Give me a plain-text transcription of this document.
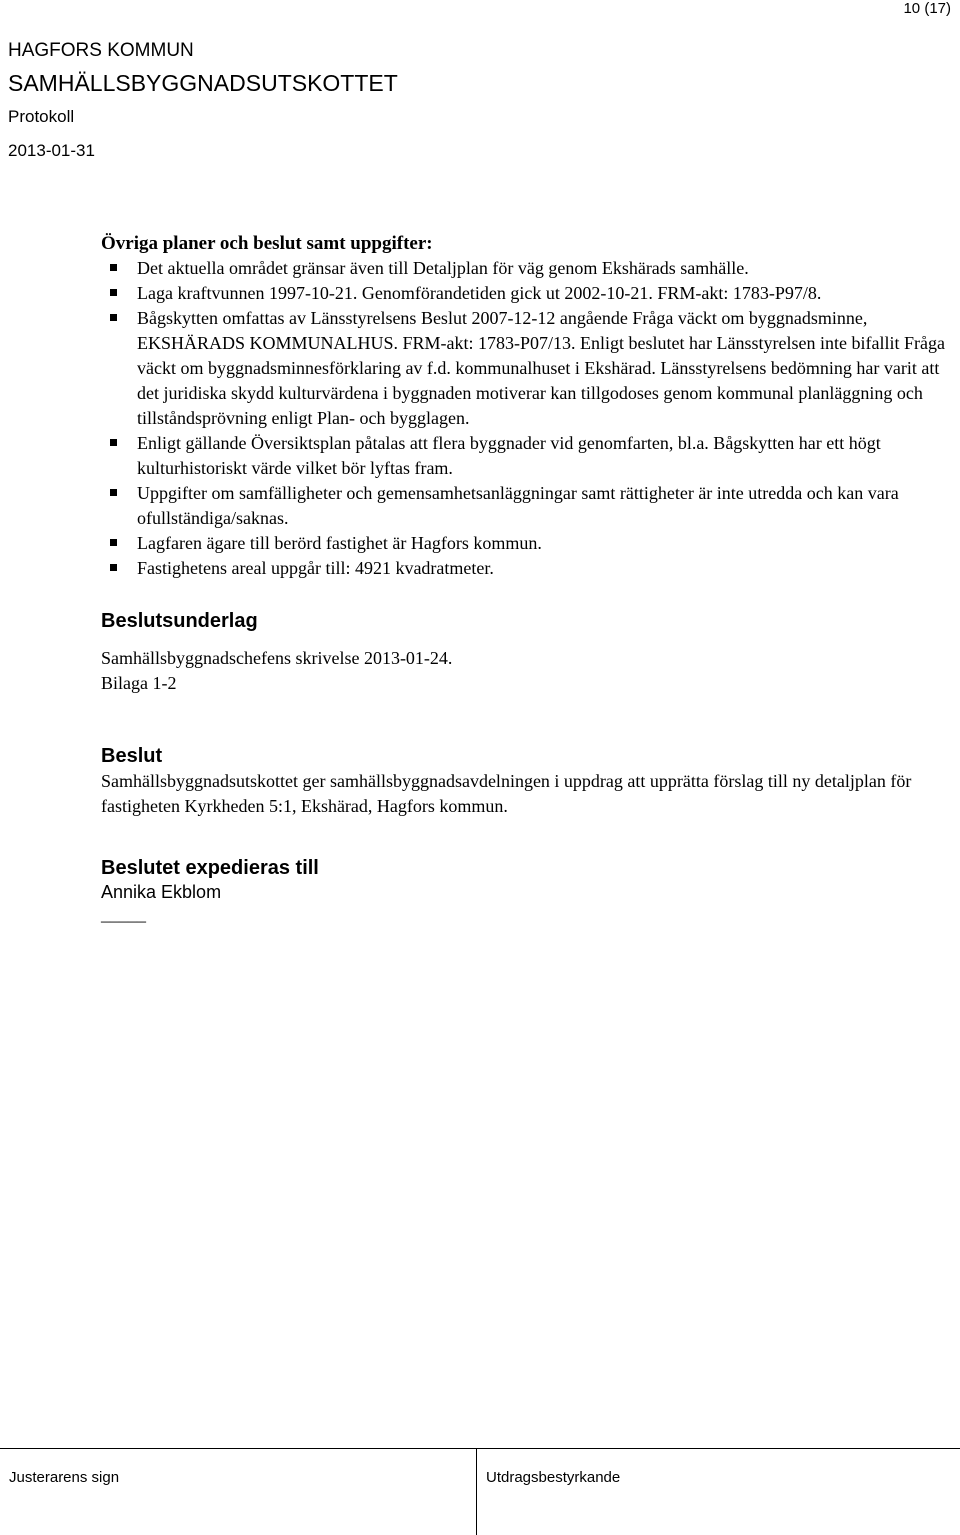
10 (17)
HAGFORS KOMMUN
SAMHÄLLSBYGGNADSUTSKOTTET
Protokoll
2013-01-31
Övriga planer och beslut samt uppgifter:
Det aktuella området gränsar även till Detaljplan för väg genom Ekshärads samhälle.
Laga kraftvunnen 1997-10-21. Genomförandetiden gick ut 2002-10-21. FRM-akt: 1783-P97/8.
Bågskytten omfattas av Länsstyrelsens Beslut 2007-12-12 angående Fråga väckt om byggnadsminne, EKSHÄRADS KOMMUNALHUS. FRM-akt: 1783-P07/13. Enligt beslutet har Länsstyrelsen inte bifallit Fråga väckt om byggnadsminnesförklaring av f.d. kommunalhuset i Ekshärad. Länsstyrelsens bedömning har varit att det juridiska skydd kulturvärdena i byggnaden motiverar kan tillgodoses genom kommunal planläggning och tillståndsprövning enligt Plan- och bygglagen.
Enligt gällande Översiktsplan påtalas att flera byggnader vid genomfarten, bl.a. Bågskytten har ett högt kulturhistoriskt värde vilket bör lyftas fram.
Uppgifter om samfälligheter och gemensamhetsanläggningar samt rättigheter är inte utredda och kan vara ofullständiga/saknas.
Lagfaren ägare till berörd fastighet är Hagfors kommun.
Fastighetens areal uppgår till: 4921 kvadratmeter.
Beslutsunderlag
Samhällsbyggnadschefens skrivelse 2013-01-24.
Bilaga 1-2
Beslut
Samhällsbyggnadsutskottet ger samhällsbyggnadsavdelningen i uppdrag att upprätta förslag till ny detaljplan för fastigheten Kyrkheden 5:1, Ekshärad, Hagfors kommun.
Beslutet expedieras till
Annika Ekblom
_____
Justerarens sign	Utdragsbestyrkande
